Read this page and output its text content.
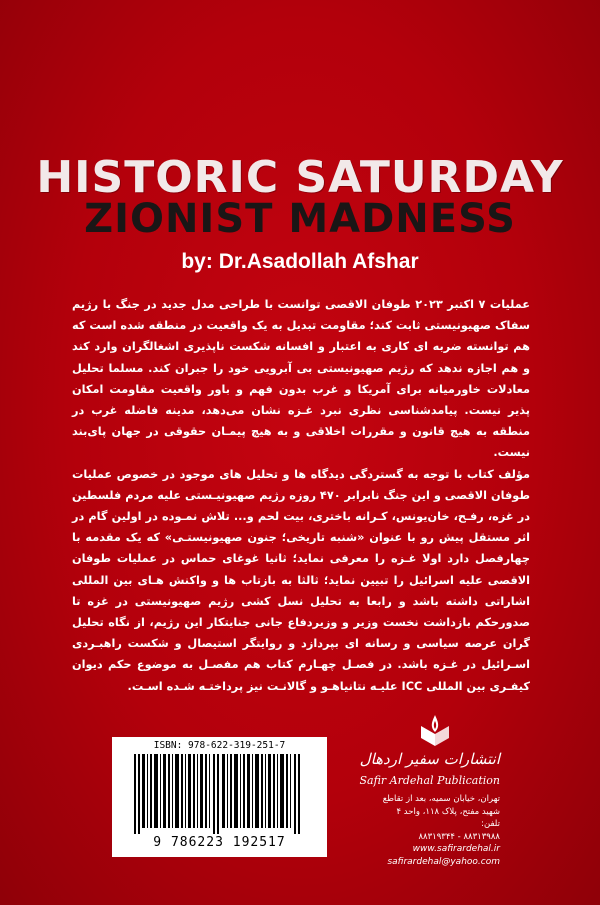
HISTORIC SATURDAY
ZIONIST MADNESS
by: Dr.Asadollah Afshar

عملیات ۷ اکتبر ۲۰۲۳ طوفان الاقصی توانست با طراحی مدل جدید در جنگ با رژیم سفاک صهیونیستی ثابت کند؛ مقاومت تبدیل به یک واقعیت در منطقه شده است که هم توانسته ضربه ای کاری به اعتبار و افسانه شکست ناپذیری اشغالگران وارد کند و هم اجازه ندهد که رژیم صهیونیستی بی آبرویی خود را جبران کند. مسلما تحلیل معادلات خاورمیانه برای آمریکا و غرب بدون فهم و باور واقعیت مقاومت امکان پذیر نیست. پیامدشناسی نظری نبرد غـزه نشان می‌دهد، مدینه فاضله غرب در منطقه به هیچ قانون و مقررات اخلاقی و به هیچ پیمـان حقوقی در جهان پای‌بند نیست.

مؤلف کتاب با توجه به گستردگی دیدگاه ها و تحلیل های موجود در خصوص عملیات طوفان الاقصی و این جنگ نابرابر ۴۷۰ روزه رژیم صهیونیـستی علیه مردم فلسطین در غزه، رفـح، خان‌یونس، کـرانه باختری، بیت لحم و... تلاش نمـوده در اولین گام در اثر مستقل پیش رو با عنوان «شنبه تاریخی؛ جنون صهیونیستـی» که یک مقدمه با چهارفصل دارد اولا غـزه را معرفی نماید؛ ثانیا غوغای حماس در عملیات طوفان الاقصی علیه اسرائیل را تبیین نماید؛ ثالثا به بازتاب ها و واکنش هـای بین المللی اشاراتی داشته باشد و رابعا به تحلیل نسل کشی رژیم صهیونیستی در غزه تا صدورحکم بازداشت نخست وزیر و وزیردفاع جانی جنایتکار این رژیم، از نگاه تحلیل گران عرصه سیاسی و رسانه ای بپردازد و روایتگر استیصال و شکست راهبـردی اسـرائیل در غـزه باشد. در فصـل چهـارم کتاب هم مفصـل به موضوع حکم دیوان کیفـری بین المللی ICC علیـه نتانیاهـو و گالانـت نیز پرداختـه شـده اسـت.

انتشارات سفیر اردهال
Safir Ardehal Publication
تهران، خیابان سمیه، بعد از تقاطع
شهید مفتح، پلاک ۱۱۸، واحد ۴
تلفن:
۸۸۳۱۳۹۸۸ - ۸۸۳۱۹۳۴۴
www.safirardehal.ir
safirardehal@yahoo.com
ISBN: 978-622-319-251-7
9 786223 192517
